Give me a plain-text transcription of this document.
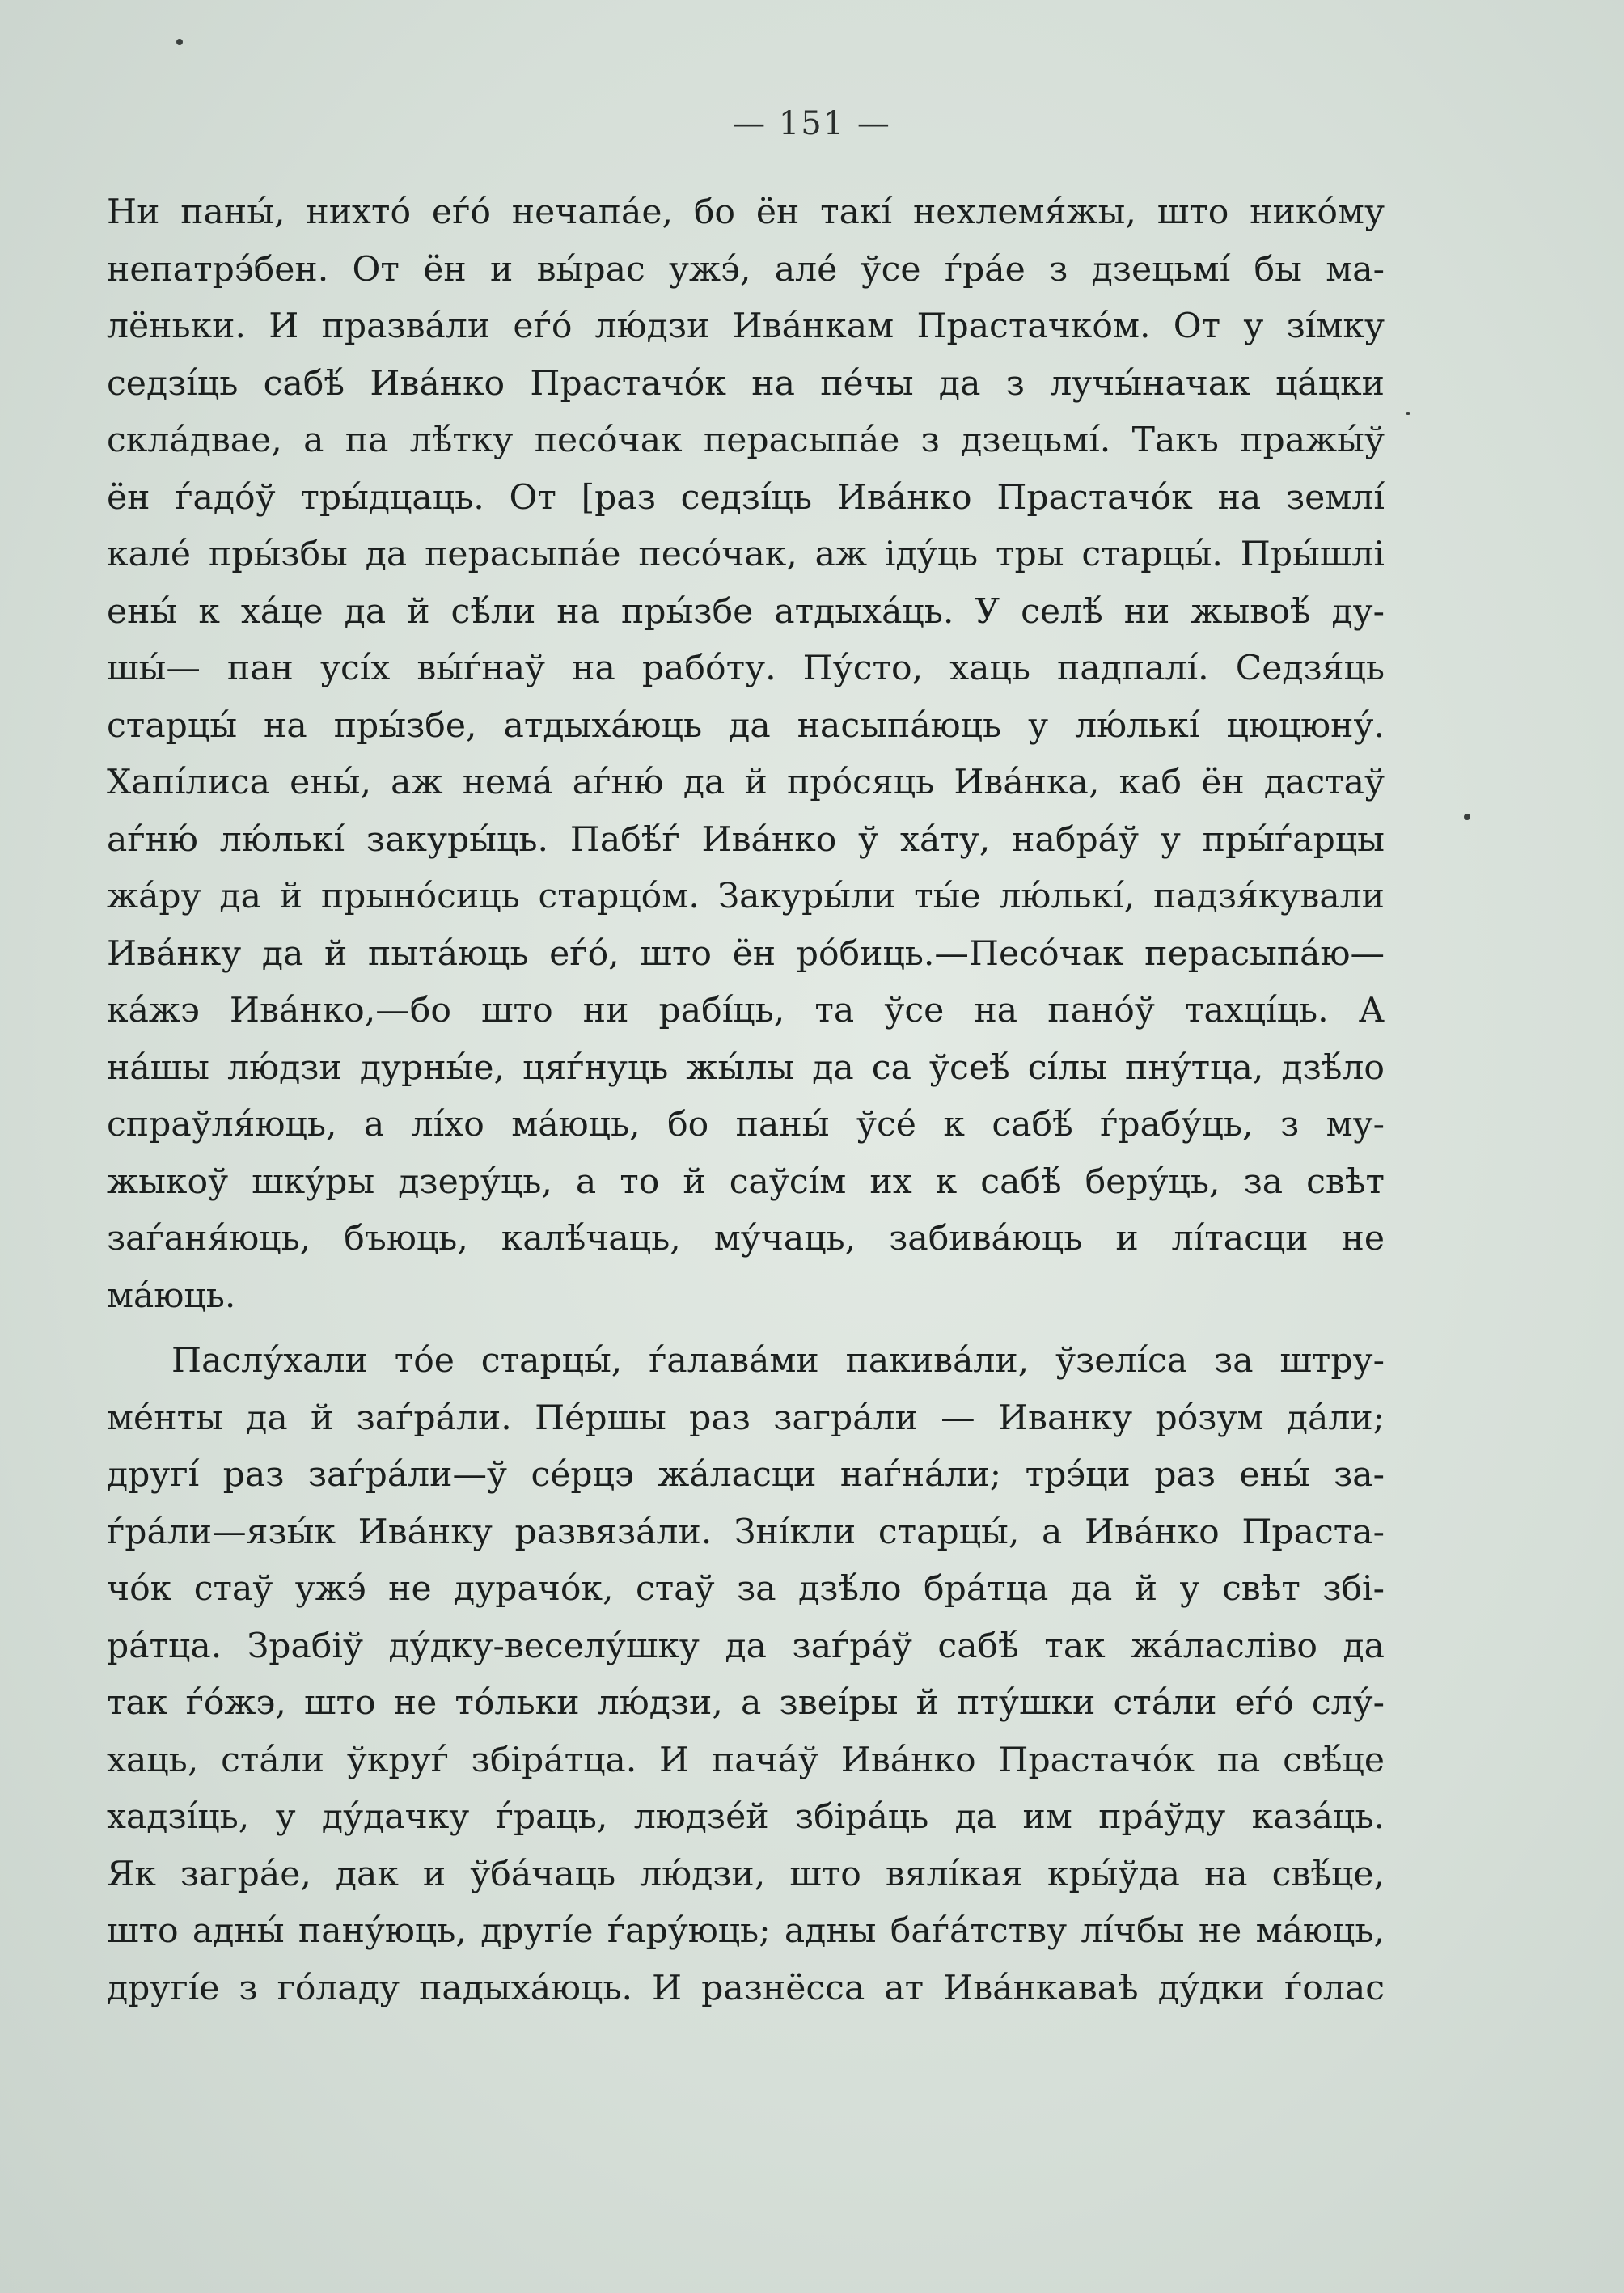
— 151 —
Ни паны́, нихто́ еѓо́ нечапа́е, бо ён такі́ нехлемя́жы, што нико́му
непатрэ́бен. От ён и вы́рас ужэ́, але́ ўсе ѓра́е з дзецьмі́ бы ма-
лёньки. И празва́ли еѓо́ лю́дзи Ива́нкам Прастачко́м. От у зі́мку
седзі́ць сабѣ́ Ива́нко Прастачо́к на пе́чы да з лучы́начак ца́цки
скла́двае, а па лѣ́тку песо́чак перасыпа́е з дзецьмі́. Такъ пражы́ў
ён ѓадо́ў тры́дцаць. От [раз седзі́ць Ива́нко Прастачо́к на землі́
кале́ пры́збы да перасыпа́е песо́чак, аж іду́ць тры старцы́. Пры́шлі
ены́ к ха́це да й сѣ́ли на пры́збе атдыха́ць. У селѣ́ ни жывоѣ́ ду-
шы́— пан усі́х вы́ѓнаў на рабо́ту. Пу́сто, хаць падпалі́. Седзя́ць
старцы́ на пры́збе, атдыха́юць да насыпа́юць у лю́лькі́ цюцюну́.
Хапі́лиса ены́, аж нема́ аѓню́ да й про́сяць Ива́нка, каб ён дастаў
аѓню́ лю́лькі́ закуры́ць. Пабѣ́ѓ Ива́нко ў ха́ту, набра́ў у пры́ѓарцы
жа́ру да й прыно́сиць старцо́м. Закуры́ли ты́е лю́лькі́, падзя́кували
Ива́нку да й пыта́юць еѓо́, што ён ро́биць.—Песо́чак перасыпа́ю—
ка́жэ Ива́нко,—бо што ни рабі́ць, та ўсе на пано́ў тахці́ць. А
на́шы лю́дзи дурны́е, цяѓнуць жы́лы да са ўсеѣ́ сі́лы пну́тца, дзѣ́ло
спраўля́юць, а лі́хо ма́юць, бо паны́ ўсе́ к сабѣ́ ѓрабу́ць, з му-
жыкоў шку́ры дзеру́ць, а то й саўсі́м их к сабѣ́ беру́ць, за свѣт
заѓаня́юць, бъюць, калѣ́чаць, му́чаць, забива́юць и лі́тасци не
ма́юць.
Паслу́хали то́е старцы́, ѓалава́ми пакива́ли, ўзелі́са за штру-
ме́нты да й заѓра́ли. Пе́ршы раз загра́ли — Иванку ро́зум да́ли;
другі́ раз заѓра́ли—ў се́рцэ жа́ласци наѓна́ли; трэ́ци раз ены́ за-
ѓра́ли—язы́к Ива́нку развяза́ли. Зні́кли старцы́, а Ива́нко Праста-
чо́к стаў ужэ́ не дурачо́к, стаў за дзѣ́ло бра́тца да й у свѣт збі-
ра́тца. Зрабіў ду́дку-веселу́шку да заѓра́ў сабѣ́ так жа́ласліво да
так ѓо́жэ, што не то́льки лю́дзи, а звеі́ры й пту́шки ста́ли еѓо́ слу́-
хаць, ста́ли ўкруѓ збіра́тца. И пача́ў Ива́нко Прастачо́к па свѣ́це
хадзі́ць, у ду́дачку ѓраць, людзе́й збіра́ць да им пра́ўду каза́ць.
Як загра́е, дак и ўба́чаць лю́дзи, што вялі́кая кры́ўда на свѣ́це,
што адны́ пану́юць, другі́е ѓару́юць; адны баѓа́тству лі́чбы не ма́юць,
другі́е з го́ладу падыха́юць. И разнёсса ат Ива́нкаваѣ ду́дки ѓолас
